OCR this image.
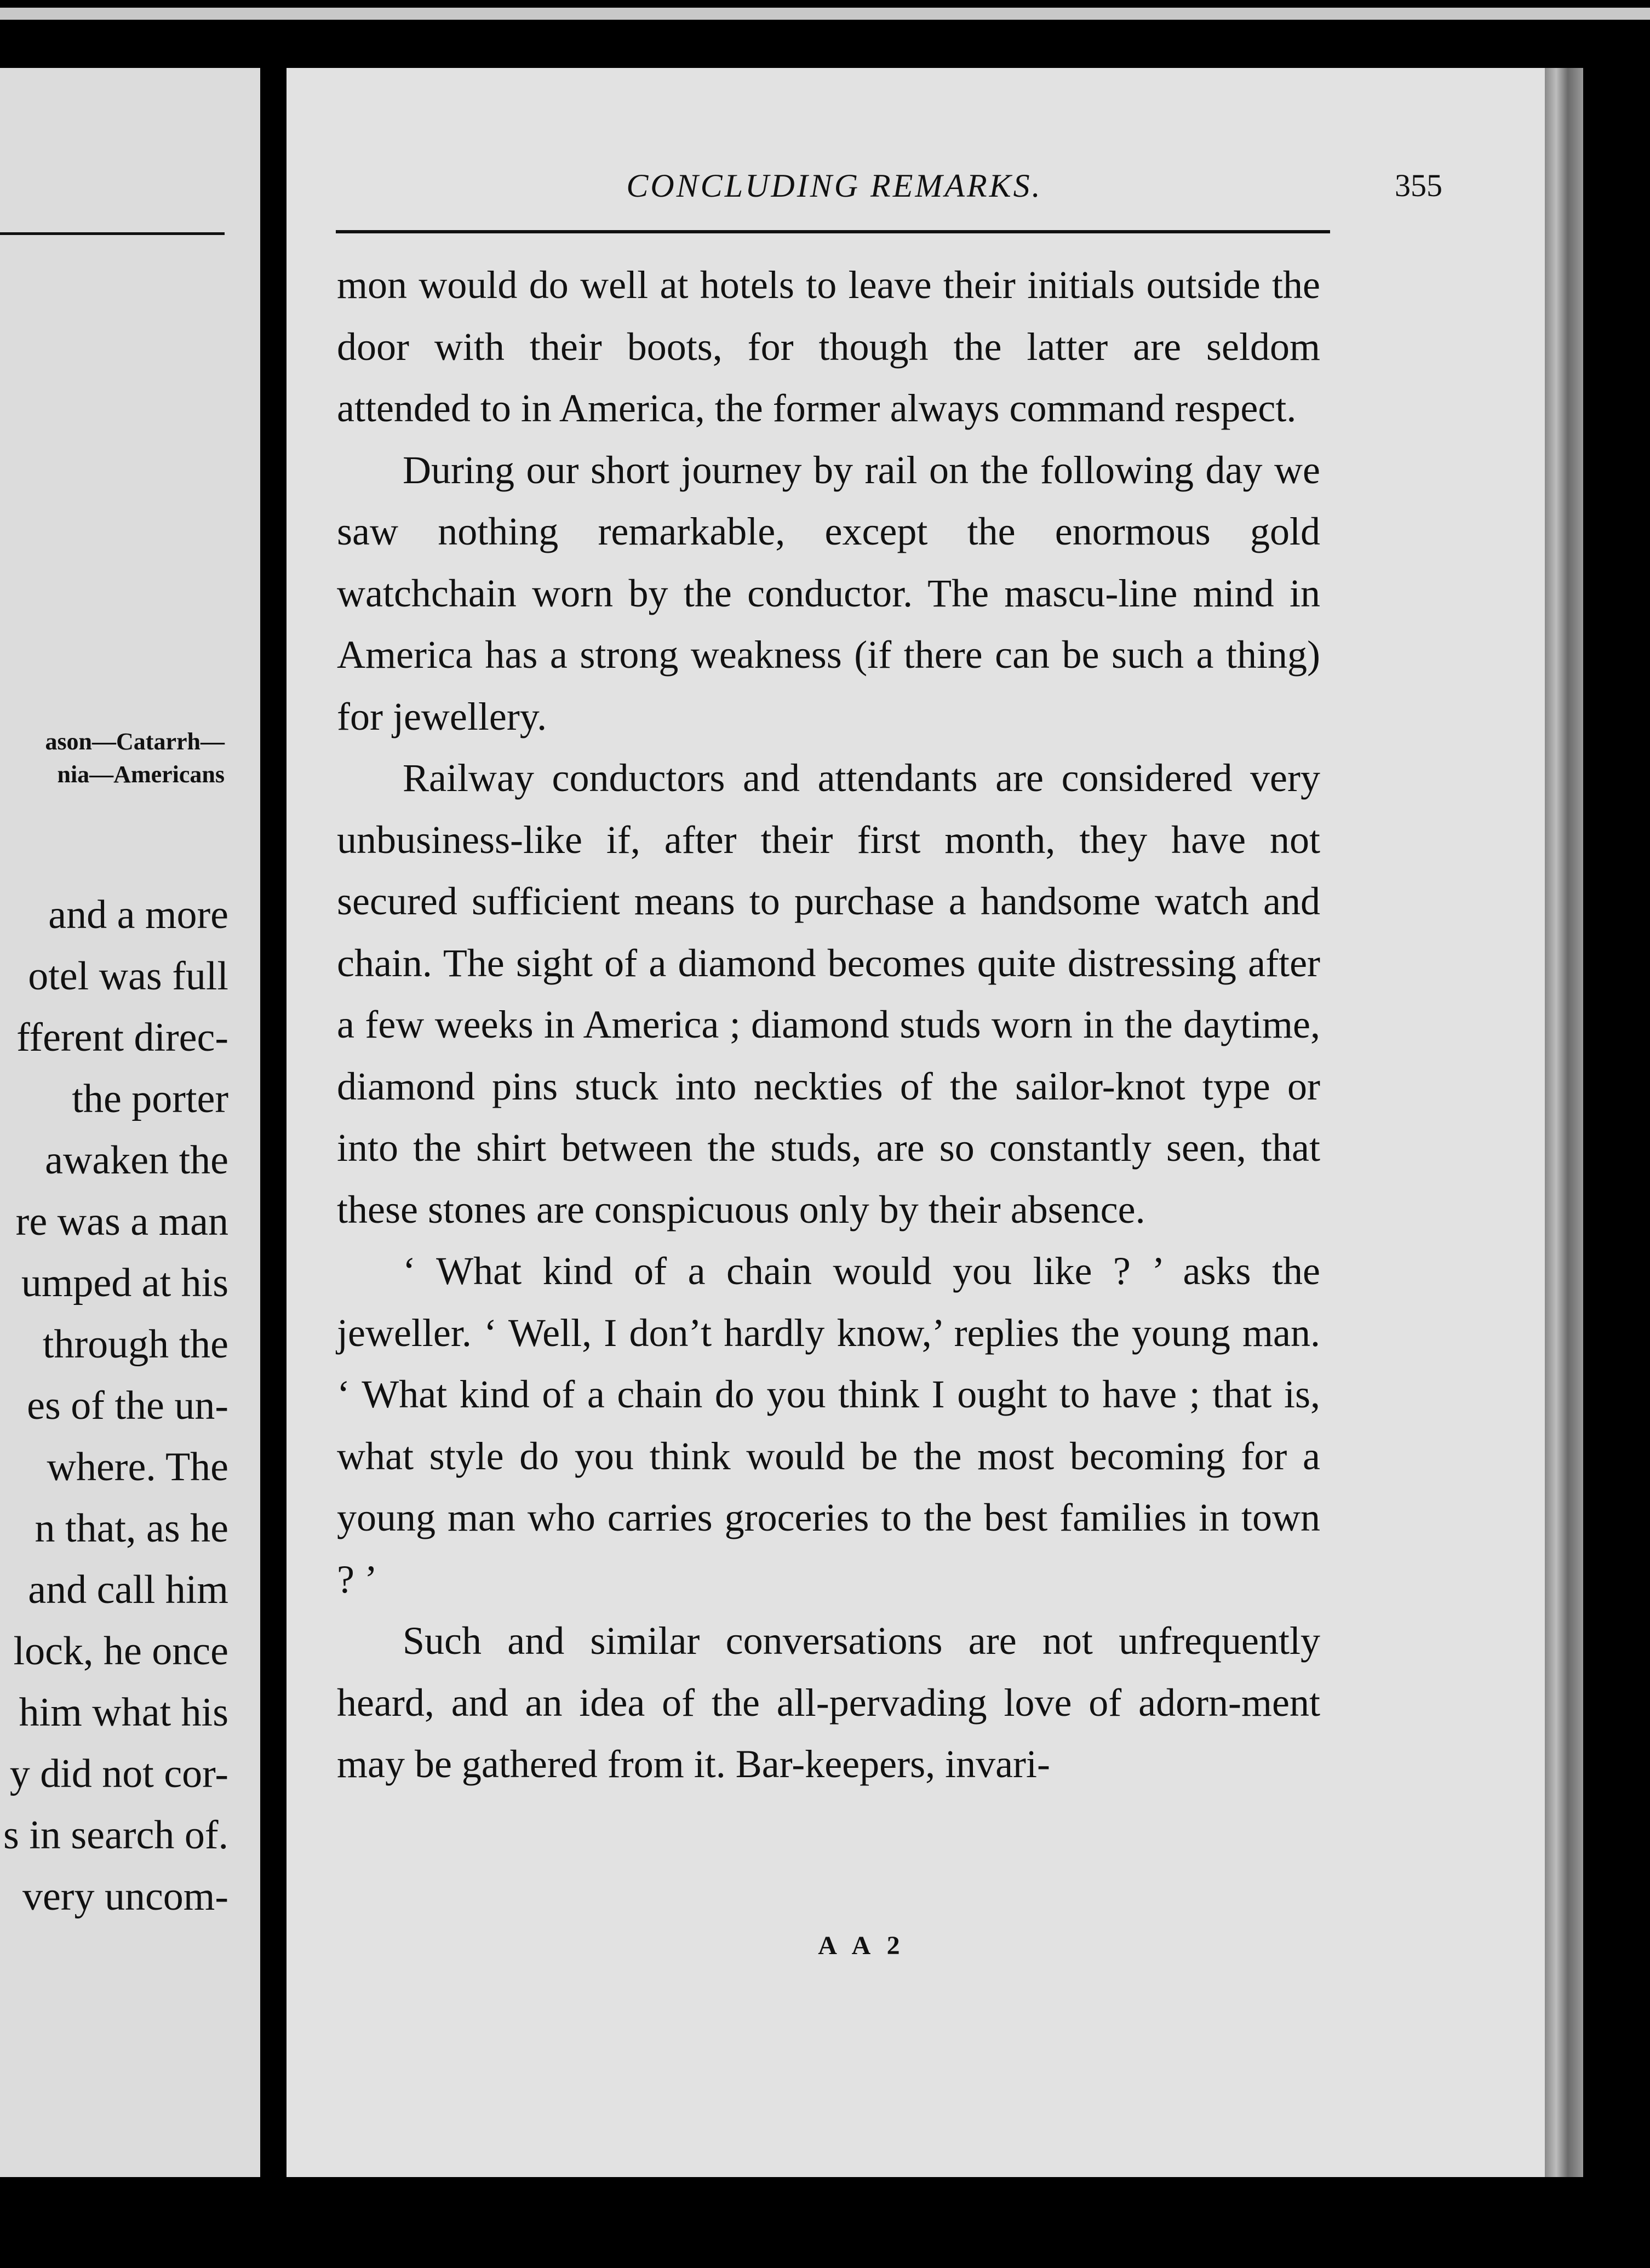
ason—Catarrh—
nia—Americans
and a more
otel was full
fferent direc-
the porter
awaken the
re was a man
umped at his
through the
es of the un-
where. The
n that, as he
and call him
lock, he once
him what his
y did not cor-
s in search of.
very uncom-
CONCLUDING REMARKS.	355

mon would do well at hotels to leave their initials outside the door with their boots, for though the latter are seldom attended to in America, the former always command respect.

During our short journey by rail on the following day we saw nothing remarkable, except the enormous gold watchchain worn by the conductor. The mascu-line mind in America has a strong weakness (if there can be such a thing) for jewellery.

Railway conductors and attendants are considered very unbusiness-like if, after their first month, they have not secured sufficient means to purchase a handsome watch and chain. The sight of a diamond becomes quite distressing after a few weeks in America ; diamond studs worn in the daytime, diamond pins stuck into neckties of the sailor-knot type or into the shirt between the studs, are so constantly seen, that these stones are conspicuous only by their absence.

‘ What kind of a chain would you like ? ’ asks the jeweller. ‘ Well, I don’t hardly know,’ replies the young man. ‘ What kind of a chain do you think I ought to have ; that is, what style do you think would be the most becoming for a young man who carries groceries to the best families in town ? ’

Such and similar conversations are not unfrequently heard, and an idea of the all-pervading love of adorn-ment may be gathered from it. Bar-keepers, invari-

A A 2
